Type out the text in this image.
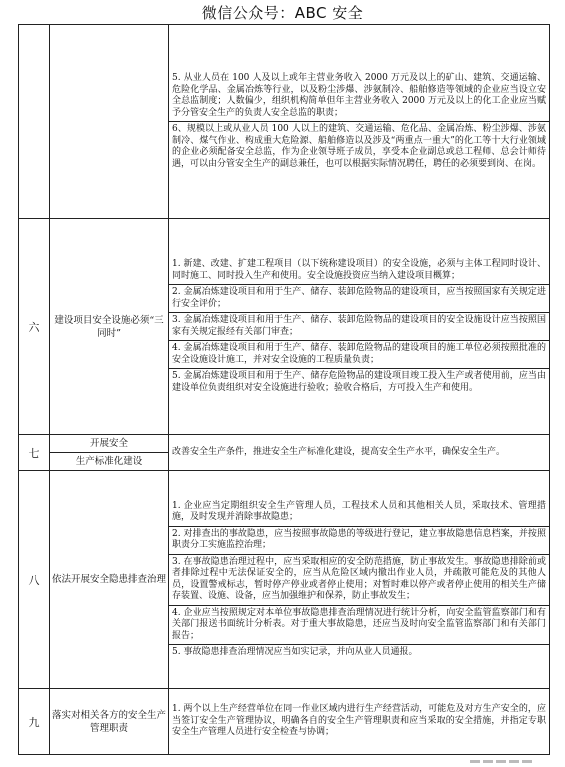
微信公众号：ABC 安全

		5. 从业人员在 100 人及以上或年主营业务收入 2000 万元及以上的矿山、建筑、交通运输、危险化学品、金属冶炼等行业，以及粉尘涉爆、涉氨制冷、船舶修造等领域的企业应当设立安全总监制度；人数偏少，组织机构简单但年主营业务收入 2000 万元及以上的化工企业应当赋予分管安全生产的负责人安全总监的职责；
6、规模以上或从业人员 100 人以上的建筑、交通运输、危化品、金属冶炼、粉尘涉爆、涉氨制冷、煤气作业、构成重大危险源、船舶修造以及涉及“两重点一重大”的化工等十大行业领域的企业必须配备安全总监，作为企业领导班子成员，享受本企业副总或总工程师、总会计师待遇，可以由分管安全生产的副总兼任，也可以根据实际情况聘任，聘任的必须要到岗、在岗。

六	建设项目安全设施必须“三同时”	1. 新建、改建、扩建工程项目（以下统称建设项目）的安全设施，必须与主体工程同时设计、同时施工、同时投入生产和使用。安全设施投资应当纳入建设项目概算；
2. 金属冶炼建设项目和用于生产、储存、装卸危险物品的建设项目，应当按照国家有关规定进行安全评价；
3. 金属冶炼建设项目和用于生产、储存、装卸危险物品的建设项目的安全设施设计应当按照国家有关规定报经有关部门审查；
4. 金属冶炼建设项目和用于生产、储存、装卸危险物品的建设项目的施工单位必须按照批准的安全设施设计施工，并对安全设施的工程质量负责；
5. 金属冶炼建设项目和用于生产、储存危险物品的建设项目竣工投入生产或者使用前，应当由建设单位负责组织对安全设施进行验收；验收合格后，方可投入生产和使用。

七	开展安全
生产标准化建设	改善安全生产条件，推进安全生产标准化建设，提高安全生产水平，确保安全生产。

八	依法开展安全隐患排查治理	1. 企业应当定期组织安全生产管理人员，工程技术人员和其他相关人员，采取技术、管理措施，及时发现并消除事故隐患；
2. 对排查出的事故隐患，应当按照事故隐患的等级进行登记，建立事故隐患信息档案，并按照职责分工实施监控治理；
3. 在事故隐患治理过程中，应当采取相应的安全防范措施，防止事故发生。事故隐患排除前或者排除过程中无法保证安全的，应当从危险区域内撤出作业人员，并疏散可能危及的其他人员，设置警戒标志，暂时停产停业或者停止使用；对暂时难以停产或者停止使用的相关生产储存装置、设施、设备，应当加强维护和保养，防止事故发生；
4. 企业应当按照规定对本单位事故隐患排查治理情况进行统计分析，向安全监管监察部门和有关部门报送书面统计分析表。对于重大事故隐患，还应当及时向安全监管监察部门和有关部门报告；
5. 事故隐患排查治理情况应当如实记录，并向从业人员通报。

九	落实对相关各方的安全生产管理职责	1. 两个以上生产经营单位在同一作业区域内进行生产经营活动，可能危及对方生产安全的，应当签订安全生产管理协议，明确各自的安全生产管理职责和应当采取的安全措施，并指定专职安全生产管理人员进行安全检查与协调；
